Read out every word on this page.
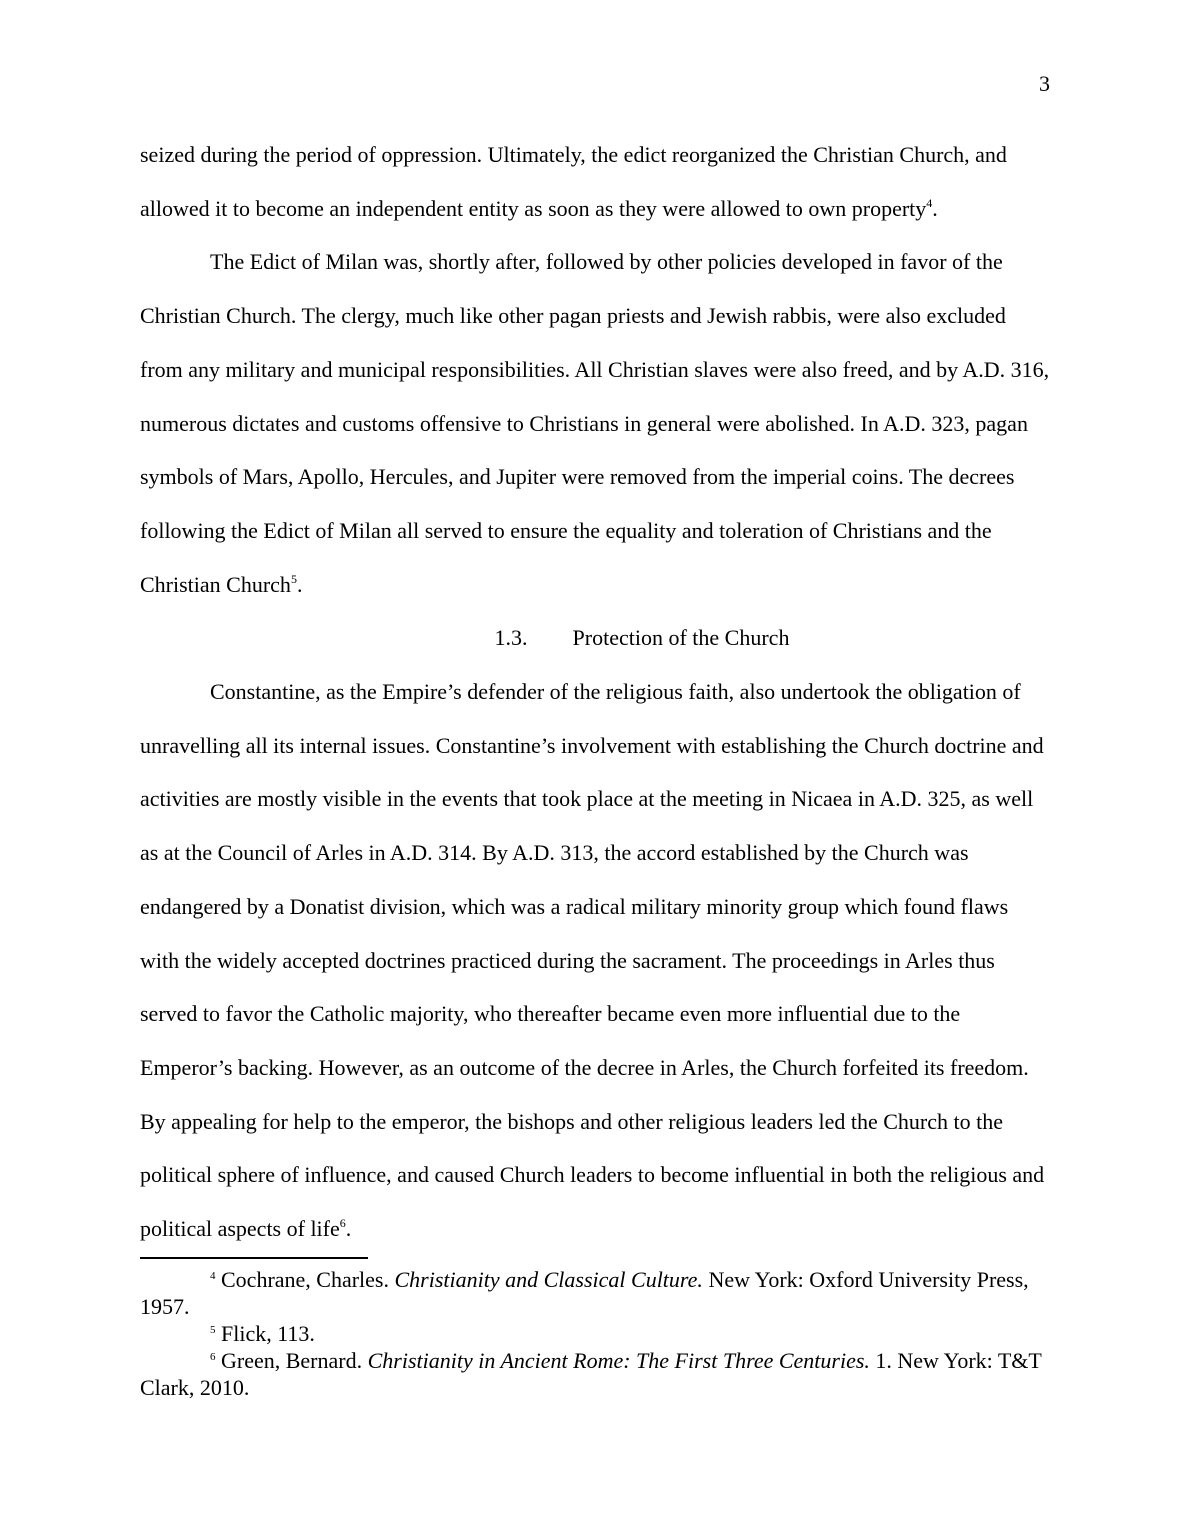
3

seized during the period of oppression. Ultimately, the edict reorganized the Christian Church, and allowed it to become an independent entity as soon as they were allowed to own property$^4$.

The Edict of Milan was, shortly after, followed by other policies developed in favor of the Christian Church. The clergy, much like other pagan priests and Jewish rabbis, were also excluded from any military and municipal responsibilities. All Christian slaves were also freed, and by A.D. 316, numerous dictates and customs offensive to Christians in general were abolished. In A.D. 323, pagan symbols of Mars, Apollo, Hercules, and Jupiter were removed from the imperial coins. The decrees following the Edict of Milan all served to ensure the equality and toleration of Christians and the Christian Church$^5$.

1.3. Protection of the Church

Constantine, as the Empire’s defender of the religious faith, also undertook the obligation of unravelling all its internal issues. Constantine’s involvement with establishing the Church doctrine and activities are mostly visible in the events that took place at the meeting in Nicaea in A.D. 325, as well as at the Council of Arles in A.D. 314. By A.D. 313, the accord established by the Church was endangered by a Donatist division, which was a radical military minority group which found flaws with the widely accepted doctrines practiced during the sacrament. The proceedings in Arles thus served to favor the Catholic majority, who thereafter became even more influential due to the Emperor’s backing. However, as an outcome of the decree in Arles, the Church forfeited its freedom. By appealing for help to the emperor, the bishops and other religious leaders led the Church to the political sphere of influence, and caused Church leaders to become influential in both the religious and political aspects of life$^6$.

$^4$ Cochrane, Charles. Christianity and Classical Culture. New York: Oxford University Press, 1957.

$^5$ Flick, 113.

$^6$ Green, Bernard. Christianity in Ancient Rome: The First Three Centuries. 1. New York: T&T Clark, 2010.
